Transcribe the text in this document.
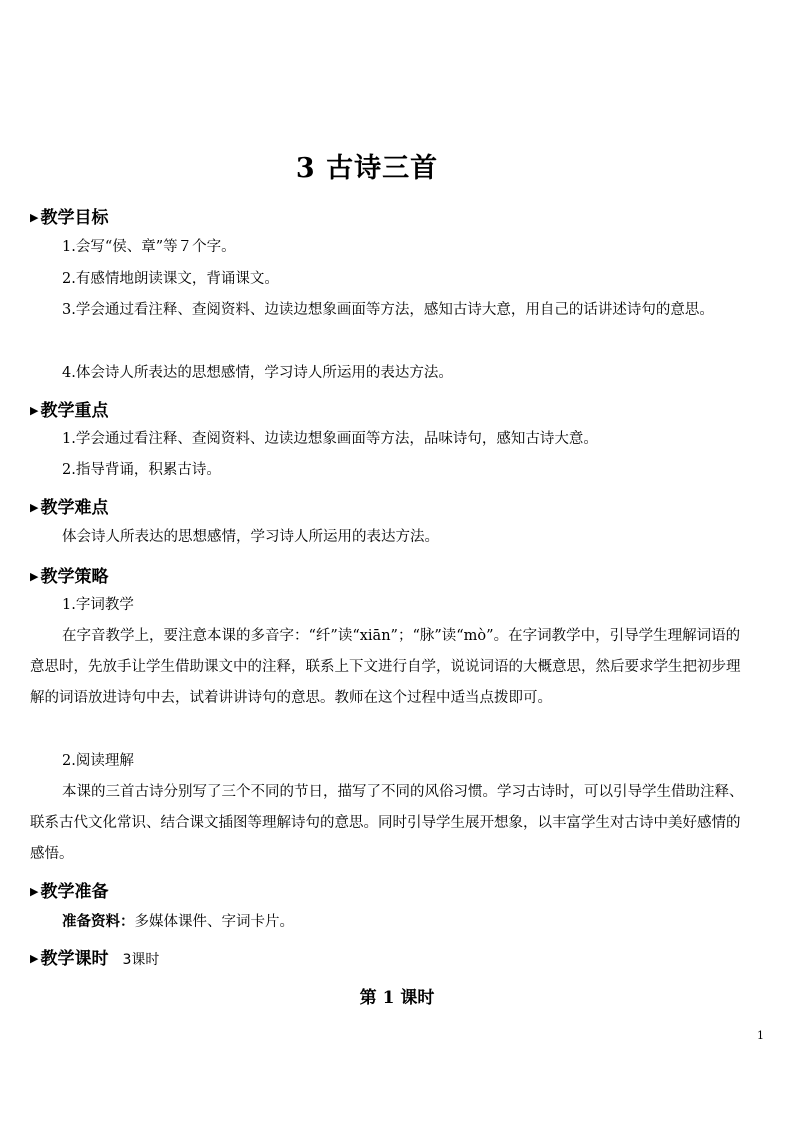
3 古诗三首
▶ 教学目标
1.会写“侯、章”等７个字。
2.有感情地朗读课文，背诵课文。
3.学会通过看注释、查阅资料、边读边想象画面等方法，感知古诗大意，用自己的话讲述诗句的意思。
4.体会诗人所表达的思想感情，学习诗人所运用的表达方法。
▶ 教学重点
1.学会通过看注释、查阅资料、边读边想象画面等方法，品味诗句，感知古诗大意。
2.指导背诵，积累古诗。
▶ 教学难点
体会诗人所表达的思想感情，学习诗人所运用的表达方法。
▶ 教学策略
1.字词教学
在字音教学上，要注意本课的多音字：“纤”读“xiān”；“脉”读“mò”。在字词教学中，引导学生理解词语的意思时，先放手让学生借助课文中的注释，联系上下文进行自学，说说词语的大概意思，然后要求学生把初步理解的词语放进诗句中去，试着讲讲诗句的意思。教师在这个过程中适当点拨即可。
2.阅读理解
本课的三首古诗分别写了三个不同的节日，描写了不同的风俗习惯。学习古诗时，可以引导学生借助注释、联系古代文化常识、结合课文插图等理解诗句的意思。同时引导学生展开想象，以丰富学生对古诗中美好感情的感悟。
▶ 教学准备
准备资料：多媒体课件、字词卡片。
▶ 教学课时 3课时
第 1 课时
1
